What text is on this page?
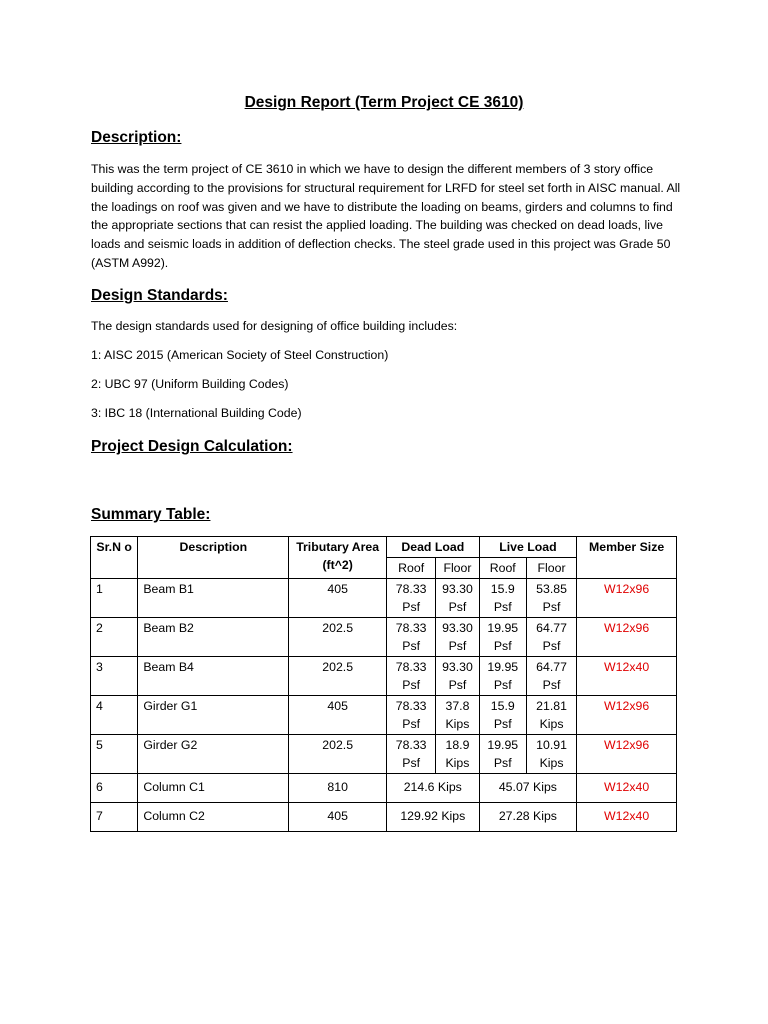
Design Report (Term Project CE 3610)
Description:

This was the term project of CE 3610 in which we have to design the different members of 3 story office building according to the provisions for structural requirement for LRFD for steel set forth in AISC manual. All the loadings on roof was given and we have to distribute the loading on beams, girders and columns to find the appropriate sections that can resist the applied loading. The building was checked on dead loads, live loads and seismic loads in addition of deflection checks. The steel grade used in this project was Grade 50 (ASTM A992).

Design Standards:
The design standards used for designing of office building includes:
1: AISC 2015 (American Society of Steel Construction)
2: UBC 97 (Uniform Building Codes)
3: IBC 18 (International Building Code)
Project Design Calculation:
Summary Table:
Sr.N o	Description	Tributary Area (ft^2)	Dead Load		Live Load		Member Size
			Roof	Floor	Roof	Floor	
1	Beam B1	405	78.33 Psf	93.30 Psf	15.9 Psf	53.85 Psf	W12x96
2	Beam B2	202.5	78.33 Psf	93.30 Psf	19.95 Psf	64.77 Psf	W12x96
3	Beam B4	202.5	78.33 Psf	93.30 Psf	19.95 Psf	64.77 Psf	W12x40
4	Girder G1	405	78.33 Psf	37.8 Kips	15.9 Psf	21.81 Kips	W12x96
5	Girder G2	202.5	78.33 Psf	18.9 Kips	19.95 Psf	10.91 Kips	W12x96
6	Column C1	810	214.6 Kips		45.07 Kips		W12x40
7	Column C2	405	129.92 Kips		27.28 Kips		W12x40
